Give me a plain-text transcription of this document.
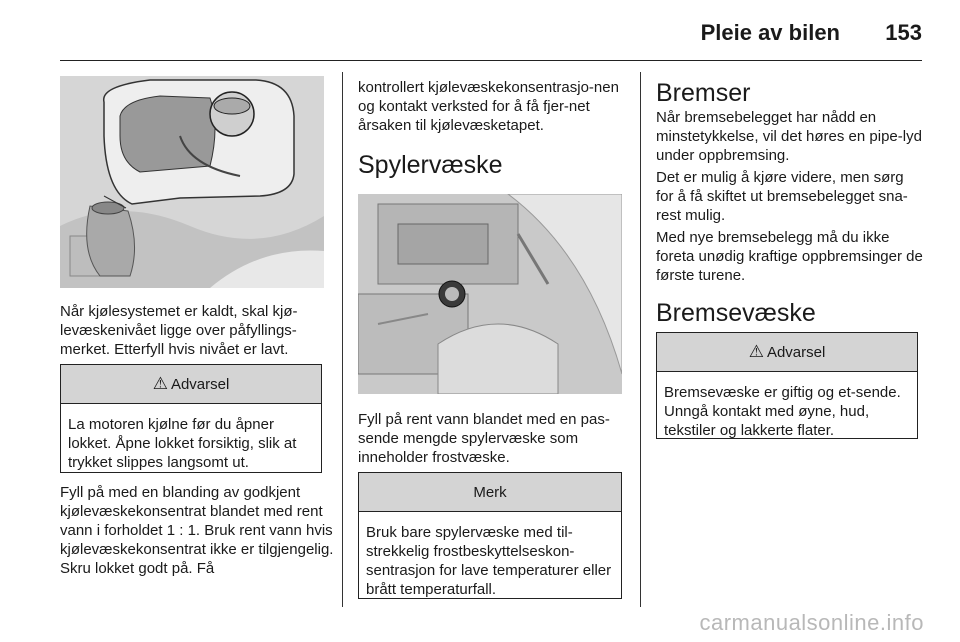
Pleie av bilen 153

Når kjølesystemet er kaldt, skal kjø-levæskenivået ligge over påfyllings-merket. Etterfyll hvis nivået er lavt.

⚠ Advarsel
La motoren kjølne før du åpner lokket. Åpne lokket forsiktig, slik at trykket slippes langsomt ut.

Fyll på med en blanding av godkjent kjølevæskekonsentrat blandet med rent vann i forholdet 1 : 1. Bruk rent vann hvis kjølevæskekonsentrat ikke er tilgjengelig. Skru lokket godt på. Få

kontrollert kjølevæskekonsentrasjo-nen og kontakt verksted for å få fjer-net årsaken til kjølevæsketapet.

Spylervæske

Fyll på rent vann blandet med en pas-sende mengde spylervæske som inneholder frostvæske.

Merk
Bruk bare spylervæske med til-strekkelig frostbeskyttelseskon-sentrasjon for lave temperaturer eller brått temperaturfall.
Bremser

Når bremsebelegget har nådd en minstetykkelse, vil det høres en pipe-lyd under oppbremsing.

Det er mulig å kjøre videre, men sørg for å få skiftet ut bremsebelegget sna-rest mulig.

Med nye bremsebelegg må du ikke foreta unødig kraftige oppbremsinger de første turene.

Bremsevæske
⚠ Advarsel
Bremsevæske er giftig og et-sende. Unngå kontakt med øyne, hud, tekstiler og lakkerte flater.
carmanualsonline.info
